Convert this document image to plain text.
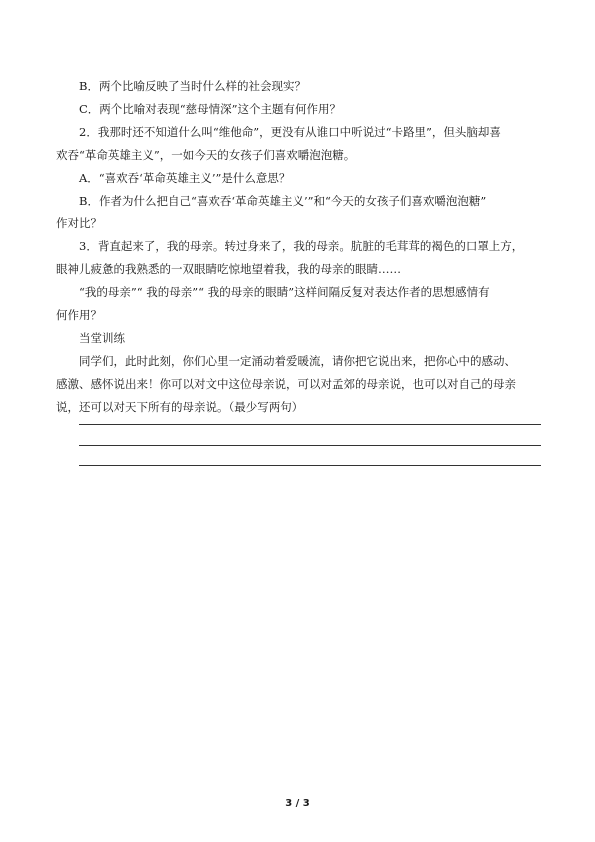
B．两个比喻反映了当时什么样的社会现实？
C．两个比喻对表现“慈母情深”这个主题有何作用？
2．我那时还不知道什么叫“维他命”，更没有从谁口中听说过“卡路里”，但头脑却喜
欢吞“革命英雄主义”，一如今天的女孩子们喜欢嚼泡泡糖。
A．“喜欢吞‘革命英雄主义’”是什么意思？
B．作者为什么把自己“喜欢吞‘革命英雄主义’”和“今天的女孩子们喜欢嚼泡泡糖”
作对比？
3．背直起来了，我的母亲。转过身来了，我的母亲。肮脏的毛茸茸的褐色的口罩上方，
眼神儿疲惫的我熟悉的一双眼睛吃惊地望着我，我的母亲的眼睛……
“我的母亲”“ 我的母亲”“ 我的母亲的眼睛”这样间隔反复对表达作者的思想感情有
何作用？
当堂训练
同学们，此时此刻，你们心里一定涌动着爱暖流，请你把它说出来，把你心中的感动、
感激、感怀说出来！你可以对文中这位母亲说，可以对孟郊的母亲说，也可以对自己的母亲
说，还可以对天下所有的母亲说。（最少写两句）
3 / 3
